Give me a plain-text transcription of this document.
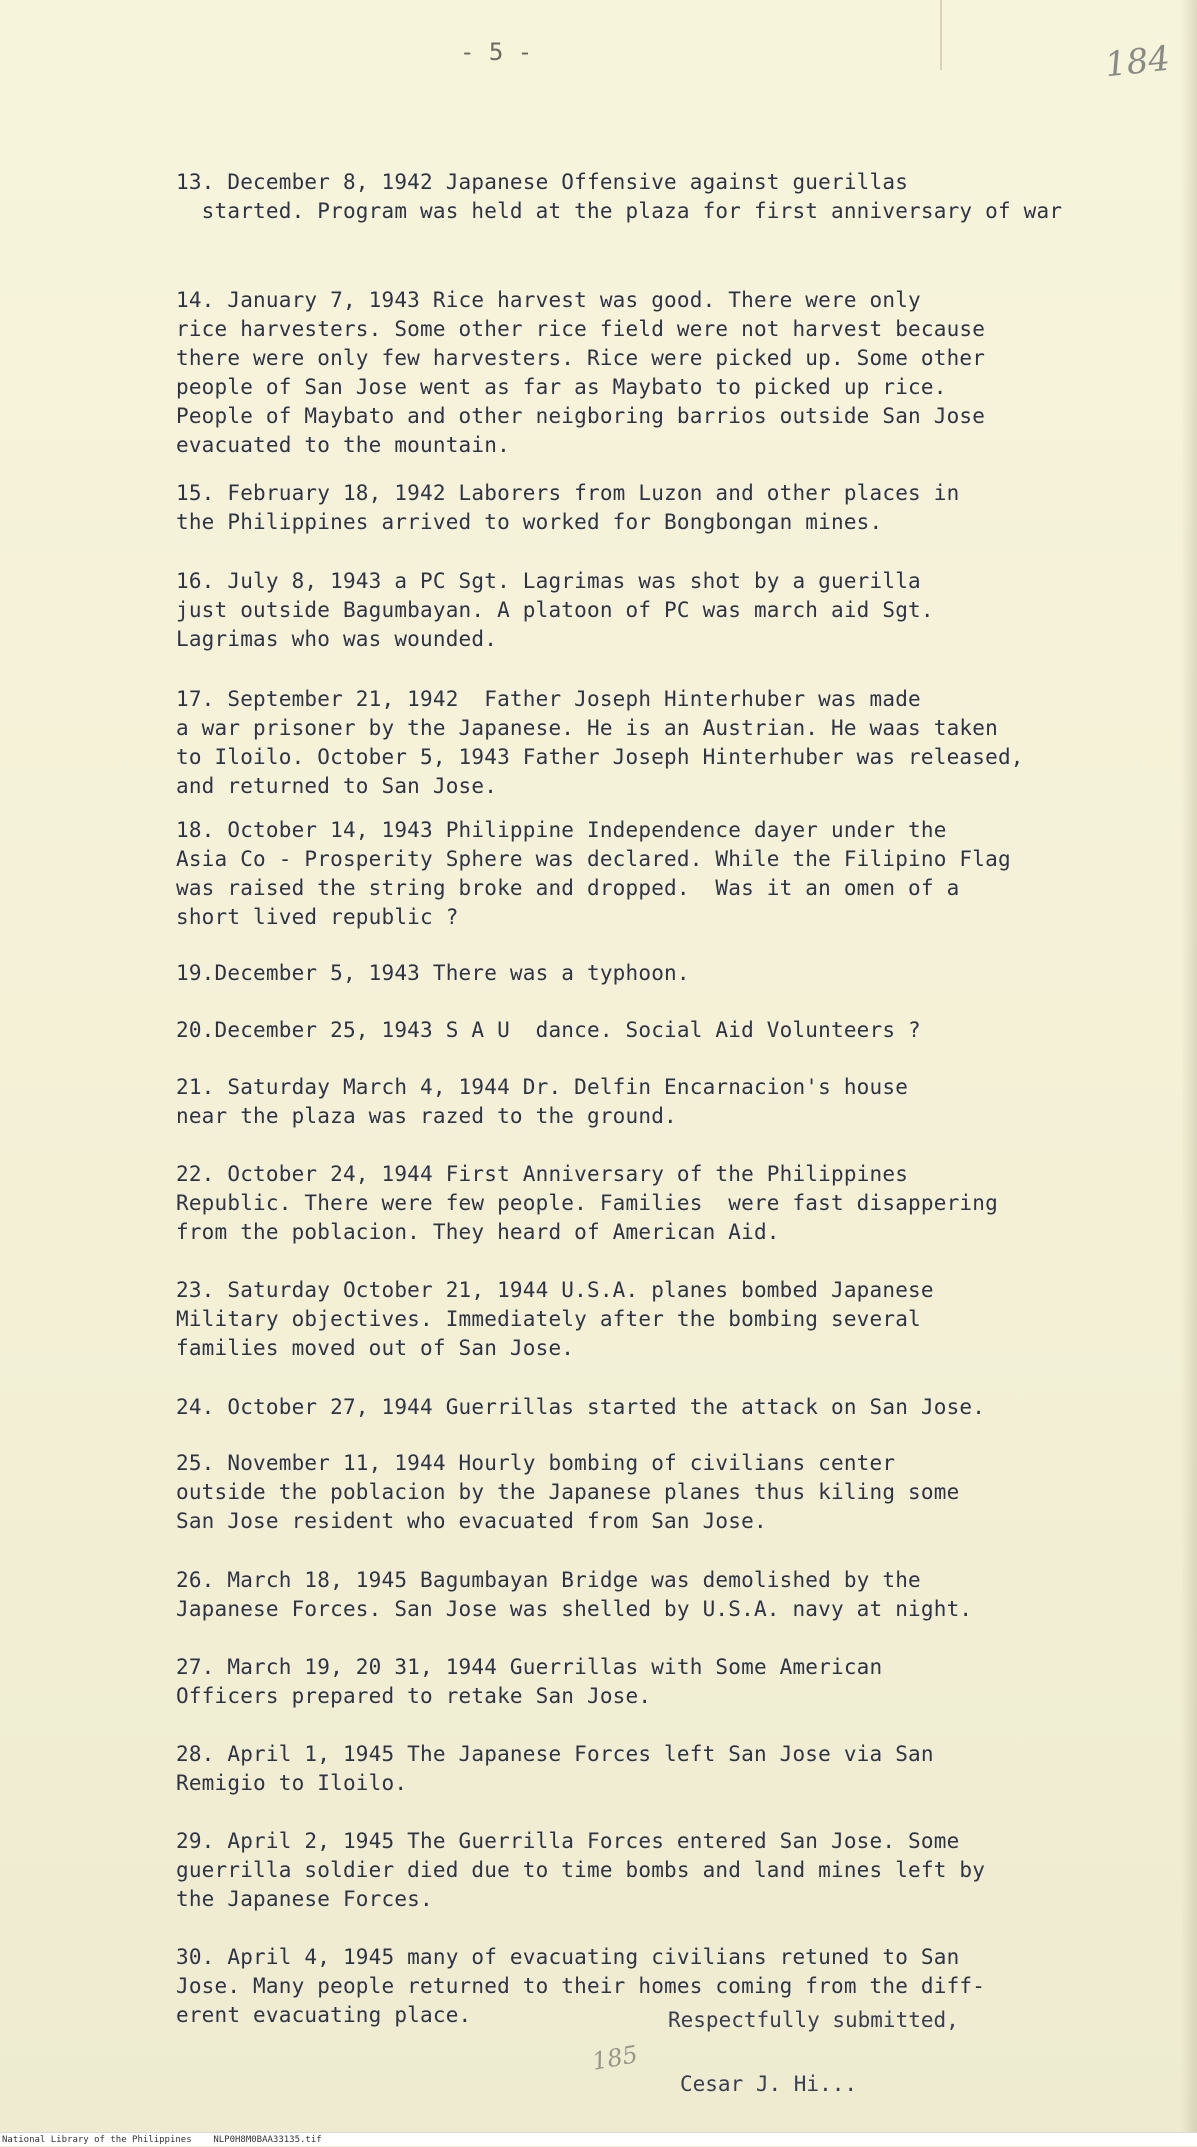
- 5 -	184

13. December 8, 1942 Japanese Offensive against guerillas
started. Program was held at the plaza for first anniversary of war

14. January 7, 1943 Rice harvest was good. There were only
rice harvesters. Some other rice field were not harvest because
there were only few harvesters. Rice were picked up. Some other
people of San Jose went as far as Maybato to picked up rice.
People of Maybato and other neigboring barrios outside San Jose
evacuated to the mountain.

15. February 18, 1942 Laborers from Luzon and other places in
the Philippines arrived to worked for Bongbongan mines.

16. July 8, 1943 a PC Sgt. Lagrimas was shot by a guerilla
just outside Bagumbayan. A platoon of PC was march aid Sgt.
Lagrimas who was wounded.

17. September 21, 1942  Father Joseph Hinterhuber was made
a war prisoner by the Japanese. He is an Austrian. He waas taken
to Iloilo. October 5, 1943 Father Joseph Hinterhuber was released,
and returned to San Jose.

18. October 14, 1943 Philippine Independence dayer under the
Asia Co - Prosperity Sphere was declared. While the Filipino Flag
was raised the string broke and dropped.  Was it an omen of a
short lived republic ?

19.December 5, 1943 There was a typhoon.

20.December 25, 1943 S A U  dance. Social Aid Volunteers ?

21. Saturday March 4, 1944 Dr. Delfin Encarnacion's house
near the plaza was razed to the ground.

22. October 24, 1944 First Anniversary of the Philippines
Republic. There were few people. Families  were fast disappering
from the poblacion. They heard of American Aid.

23. Saturday October 21, 1944 U.S.A. planes bombed Japanese
Military objectives. Immediately after the bombing several
families moved out of San Jose.

24. October 27, 1944 Guerrillas started the attack on San Jose.

25. November 11, 1944 Hourly bombing of civilians center
outside the poblacion by the Japanese planes thus kiling some
San Jose resident who evacuated from San Jose.

26. March 18, 1945 Bagumbayan Bridge was demolished by the
Japanese Forces. San Jose was shelled by U.S.A. navy at night.

27. March 19, 20 31, 1944 Guerrillas with Some American
Officers prepared to retake San Jose.

28. April 1, 1945 The Japanese Forces left San Jose via San
Remigio to Iloilo.

29. April 2, 1945 The Guerrilla Forces entered San Jose. Some
guerrilla soldier died due to time bombs and land mines left by
the Japanese Forces.

30. April 4, 1945 many of evacuating civilians retuned to San
Jose. Many people returned to their homes coming from the diff-
erent evacuating place.	Respectfully submitted,
Cesar J. Hi...
185
National Library of the Philippines    NLP0H8M0BAA33135.tif
